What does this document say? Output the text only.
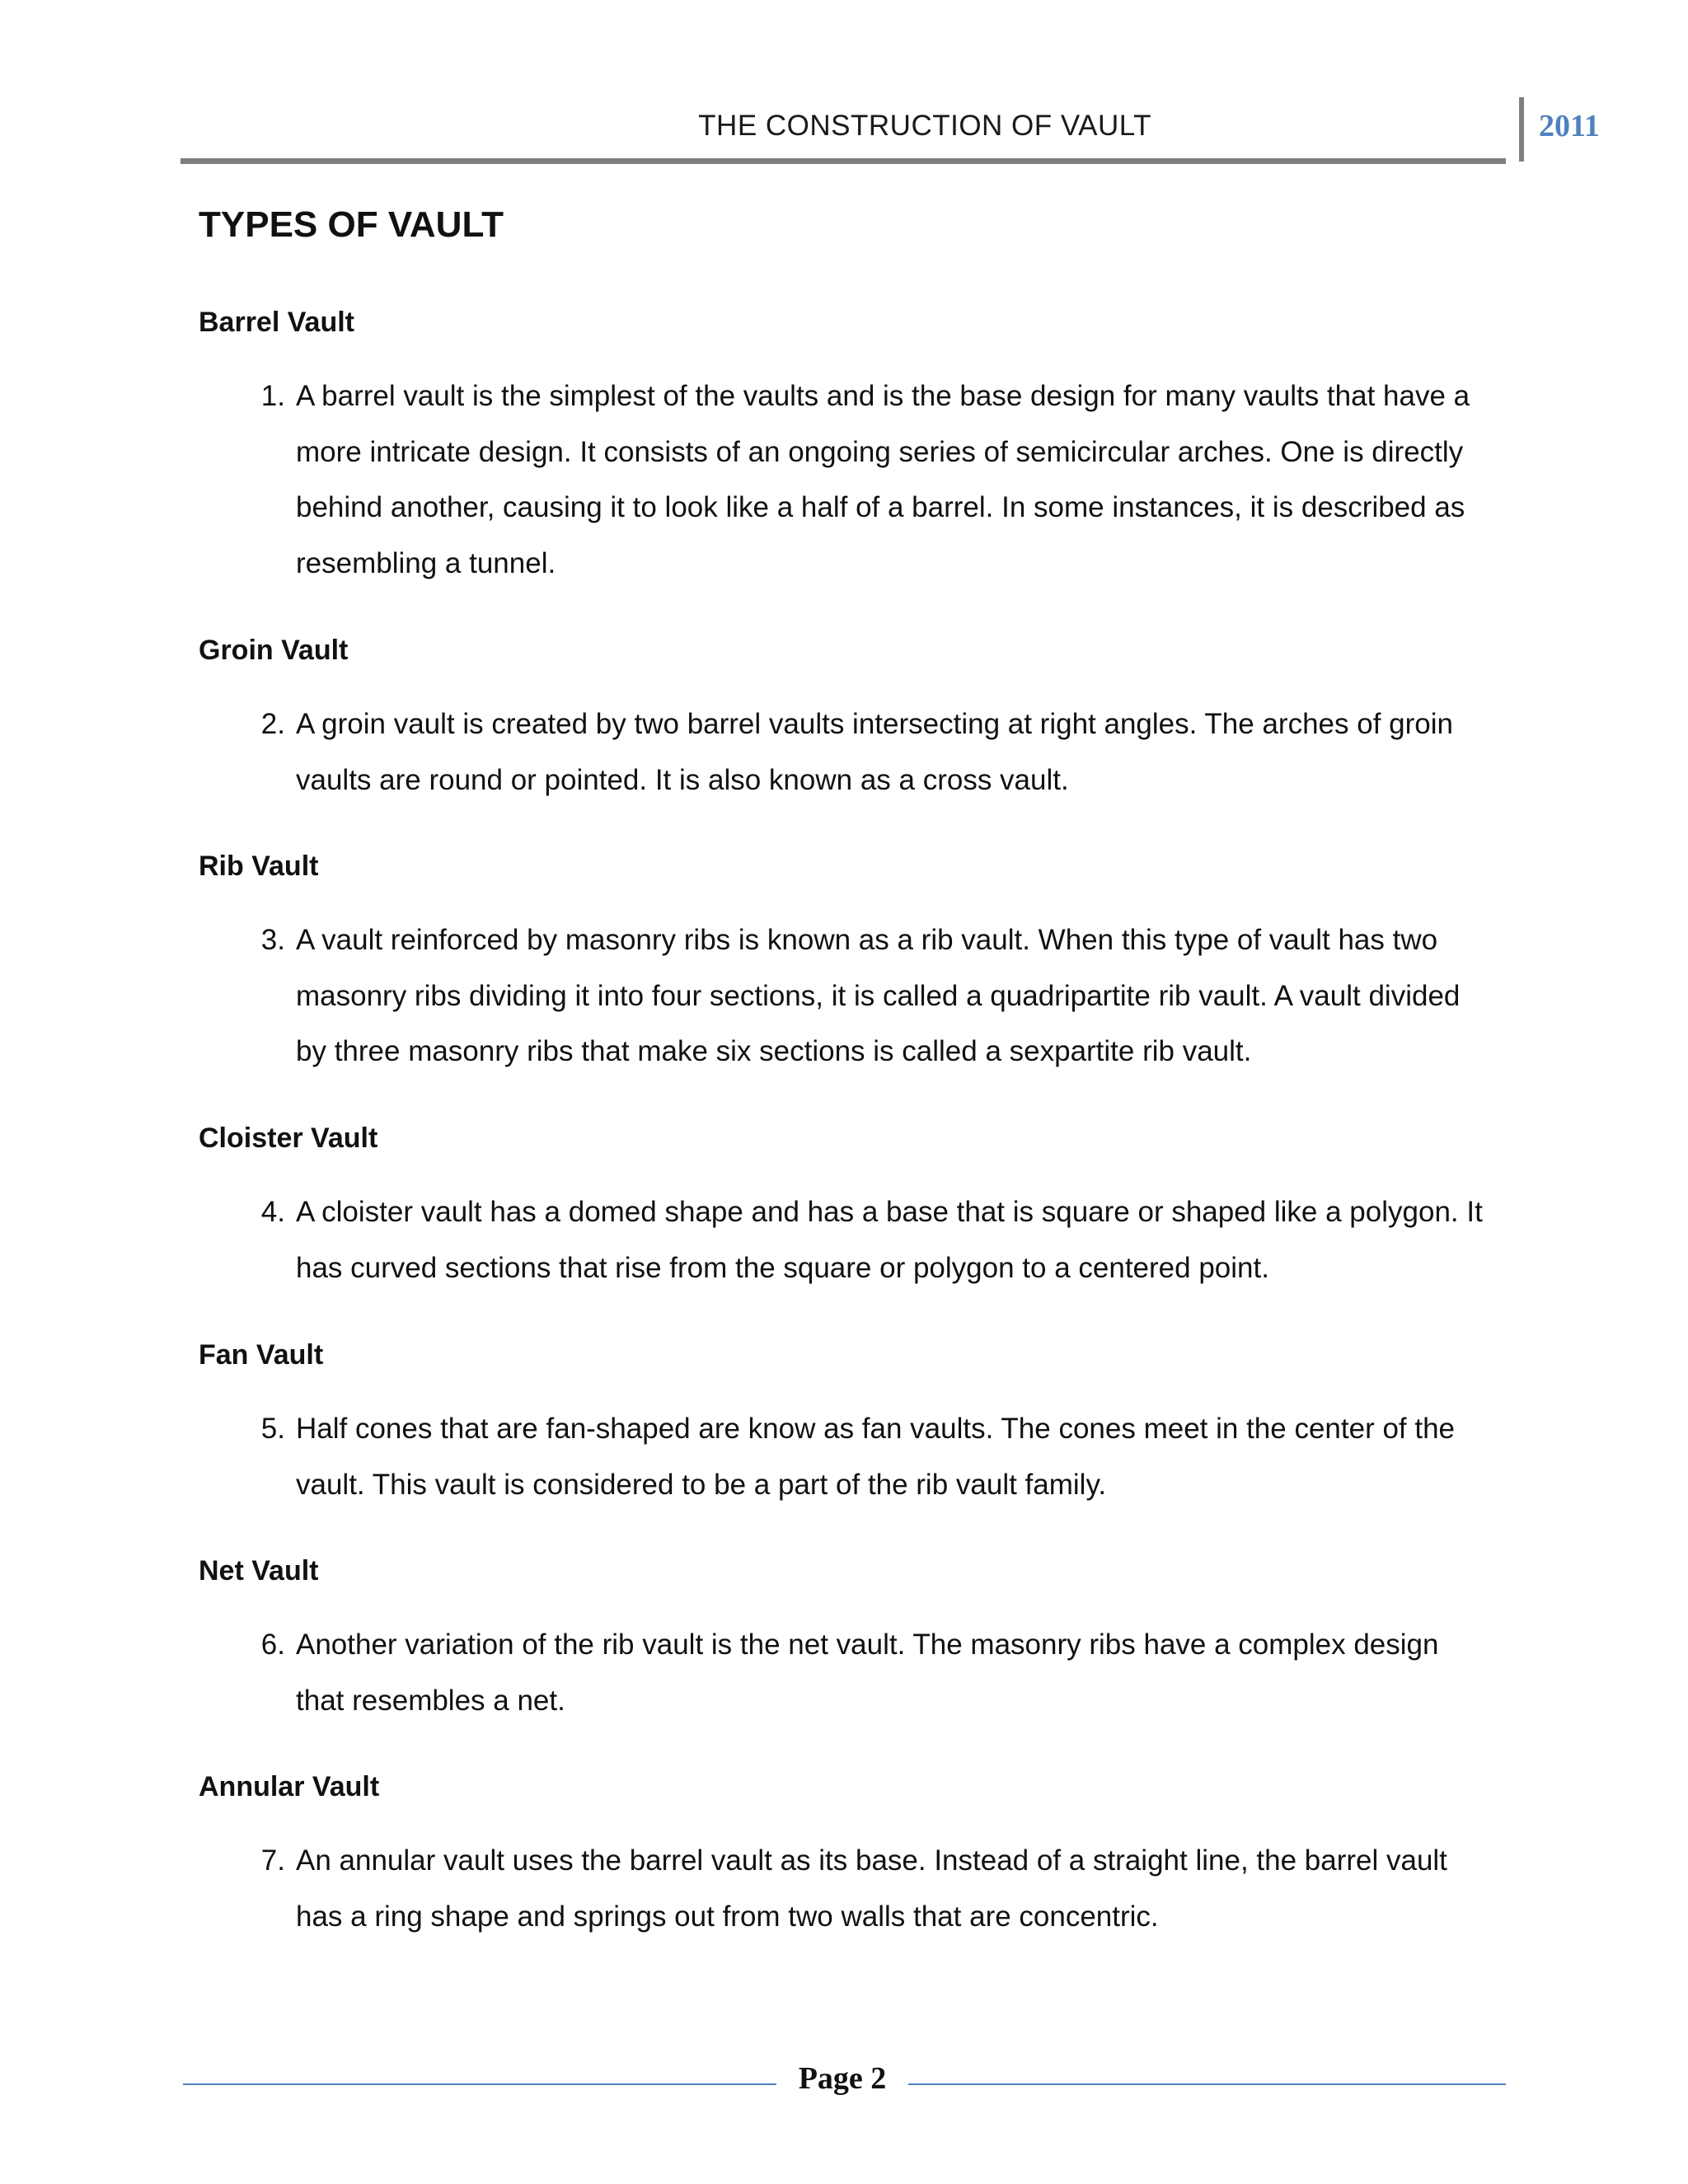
THE CONSTRUCTION OF VAULT	2011
TYPES OF VAULT
Barrel Vault
1. A barrel vault is the simplest of the vaults and is the base design for many vaults that have a more intricate design. It consists of an ongoing series of semicircular arches. One is directly behind another, causing it to look like a half of a barrel. In some instances, it is described as resembling a tunnel.
Groin Vault
2. A groin vault is created by two barrel vaults intersecting at right angles. The arches of groin vaults are round or pointed. It is also known as a cross vault.
Rib Vault
3. A vault reinforced by masonry ribs is known as a rib vault. When this type of vault has two masonry ribs dividing it into four sections, it is called a quadripartite rib vault. A vault divided by three masonry ribs that make six sections is called a sexpartite rib vault.
Cloister Vault
4. A cloister vault has a domed shape and has a base that is square or shaped like a polygon. It has curved sections that rise from the square or polygon to a centered point.
Fan Vault
5. Half cones that are fan-shaped are know as fan vaults. The cones meet in the center of the vault. This vault is considered to be a part of the rib vault family.
Net Vault
6. Another variation of the rib vault is the net vault. The masonry ribs have a complex design that resembles a net.
Annular Vault
7. An annular vault uses the barrel vault as its base. Instead of a straight line, the barrel vault has a ring shape and springs out from two walls that are concentric.
Page 2
